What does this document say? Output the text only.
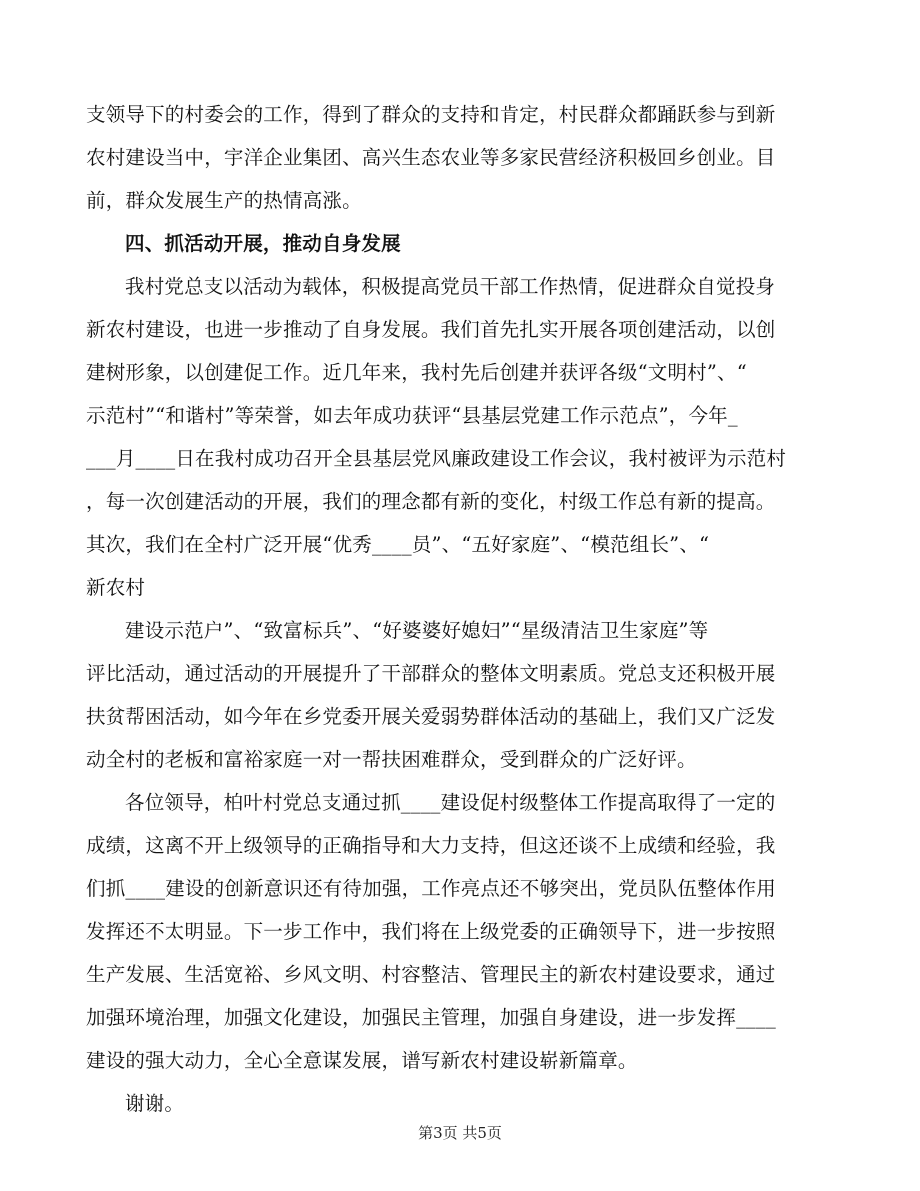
支领导下的村委会的工作，得到了群众的支持和肯定，村民群众都踊跃参与到新
农村建设当中，宇洋企业集团、高兴生态农业等多家民营经济积极回乡创业。目
前，群众发展生产的热情高涨。
四、抓活动开展，推动自身发展
我村党总支以活动为载体，积极提高党员干部工作热情，促进群众自觉投身
新农村建设，也进一步推动了自身发展。我们首先扎实开展各项创建活动，以创
建树形象，以创建促工作。近几年来，我村先后创建并获评各级“文明村”、“
示范村”“和谐村”等荣誉，如去年成功获评“县基层党建工作示范点”，今年_
___月____日在我村成功召开全县基层党风廉政建设工作会议，我村被评为示范村
，每一次创建活动的开展，我们的理念都有新的变化，村级工作总有新的提高。
其次，我们在全村广泛开展“优秀____员”、“五好家庭”、“模范组长”、“
新农村
建设示范户”、“致富标兵”、“好婆婆好媳妇”“星级清洁卫生家庭”等
评比活动，通过活动的开展提升了干部群众的整体文明素质。党总支还积极开展
扶贫帮困活动，如今年在乡党委开展关爱弱势群体活动的基础上，我们又广泛发
动全村的老板和富裕家庭一对一帮扶困难群众，受到群众的广泛好评。
各位领导，柏叶村党总支通过抓____建设促村级整体工作提高取得了一定的
成绩，这离不开上级领导的正确指导和大力支持，但这还谈不上成绩和经验，我
们抓____建设的创新意识还有待加强，工作亮点还不够突出，党员队伍整体作用
发挥还不太明显。下一步工作中，我们将在上级党委的正确领导下，进一步按照
生产发展、生活宽裕、乡风文明、村容整洁、管理民主的新农村建设要求，通过
加强环境治理，加强文化建设，加强民主管理，加强自身建设，进一步发挥____
建设的强大动力，全心全意谋发展，谱写新农村建设崭新篇章。
谢谢。
第3页 共5页
